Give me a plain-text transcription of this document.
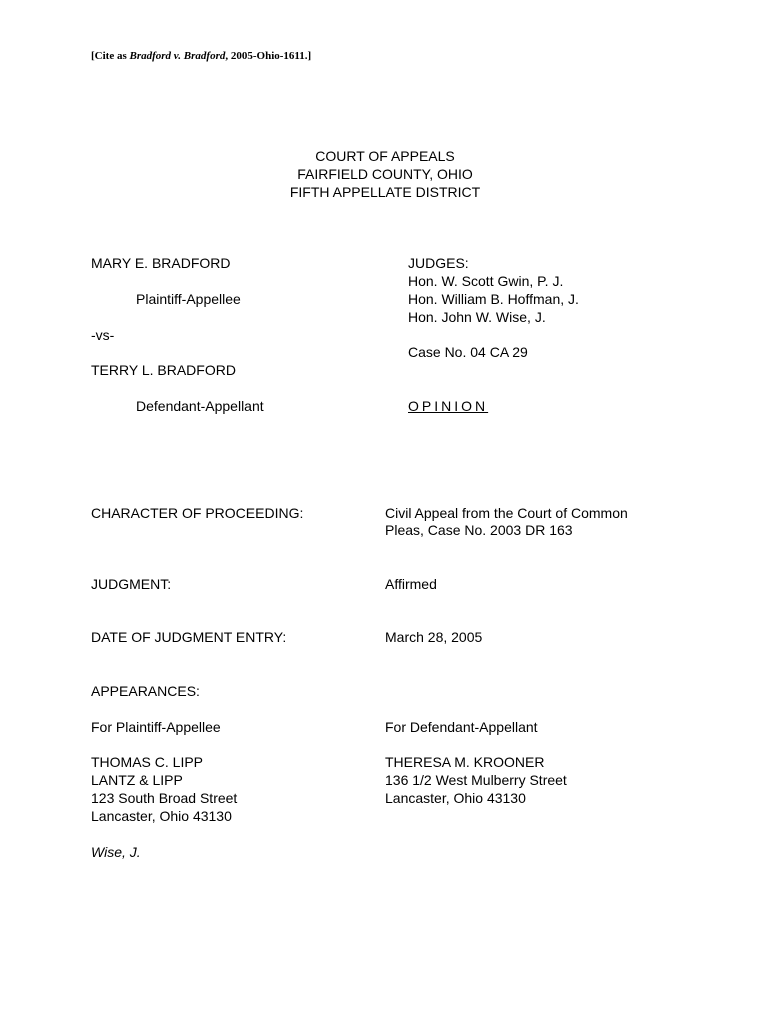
[Cite as Bradford v. Bradford, 2005-Ohio-1611.]
COURT OF APPEALS
FAIRFIELD COUNTY, OHIO
FIFTH APPELLATE DISTRICT
MARY E. BRADFORD
Plaintiff-Appellee
-vs-
TERRY L. BRADFORD
Defendant-Appellant
JUDGES:
Hon. W. Scott Gwin, P. J.
Hon. William B. Hoffman, J.
Hon. John W. Wise, J.
Case No. 04 CA 29
OPINION
CHARACTER OF PROCEEDING:	Civil Appeal from the Court of Common
Pleas, Case No. 2003 DR 163
JUDGMENT:	Affirmed
DATE OF JUDGMENT ENTRY:	March 28, 2005
APPEARANCES:
For Plaintiff-Appellee	For Defendant-Appellant
THOMAS C. LIPP
LANTZ & LIPP
123 South Broad Street
Lancaster, Ohio 43130
THERESA M. KROONER
136 1/2 West Mulberry Street
Lancaster, Ohio 43130
Wise, J.
